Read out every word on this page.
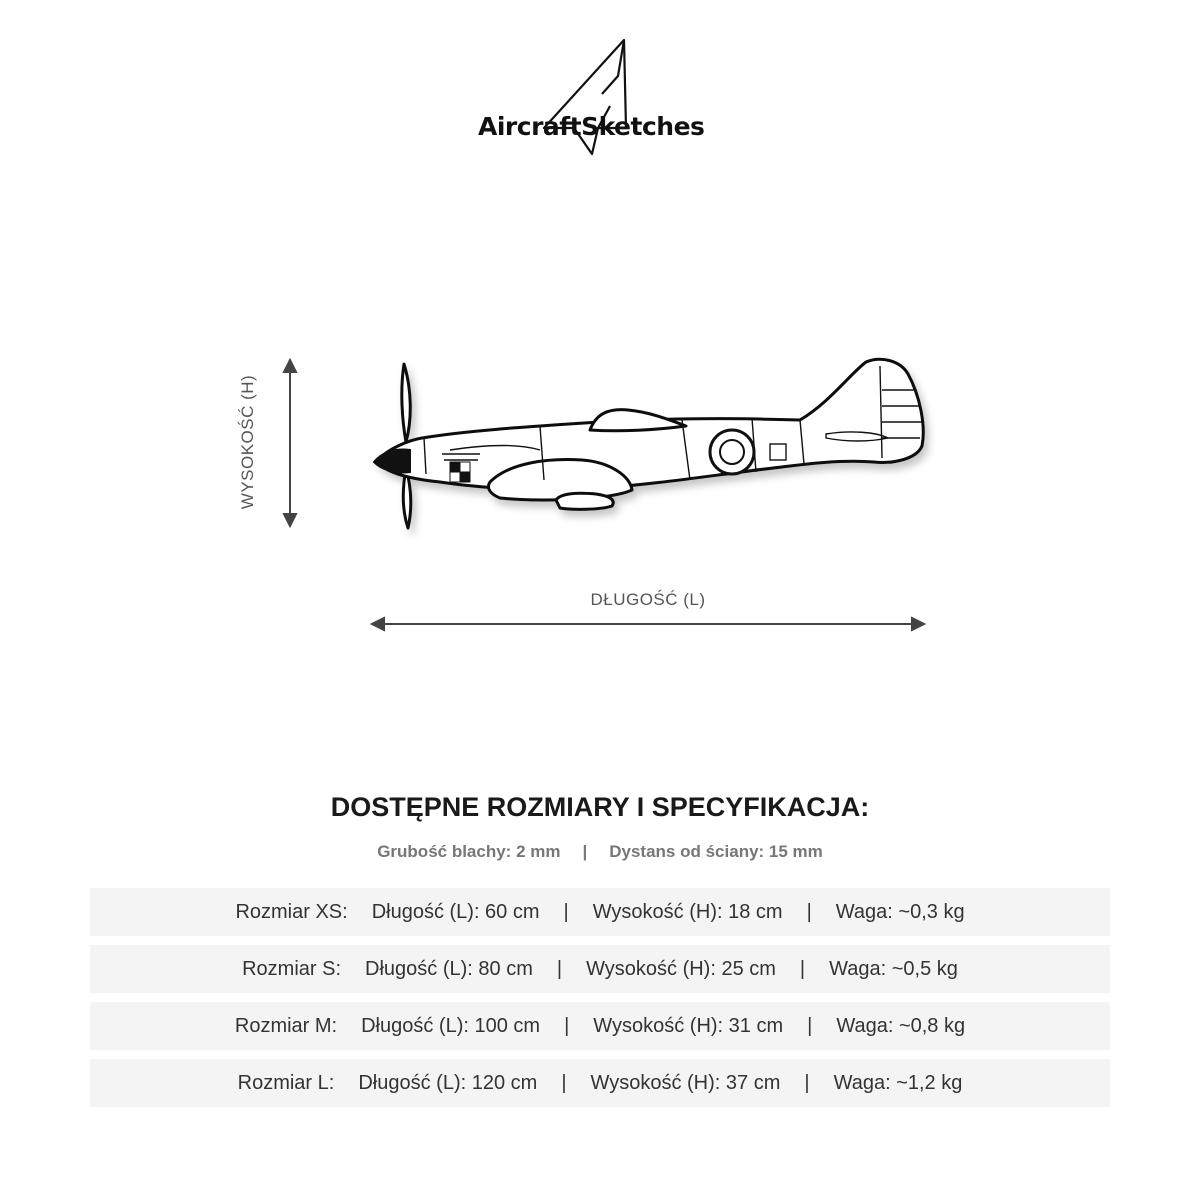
AircraftSketches
WYSOKOŚĆ (H)
DŁUGOŚĆ (L)
DOSTĘPNE ROZMIARY I SPECYFIKACJA:
Grubość blachy: 2 mm | Dystans od ściany: 15 mm
Rozmiar XS: Długość (L): 60 cm | Wysokość (H): 18 cm | Waga: ~0,3 kg
Rozmiar S: Długość (L): 80 cm | Wysokość (H): 25 cm | Waga: ~0,5 kg
Rozmiar M: Długość (L): 100 cm | Wysokość (H): 31 cm | Waga: ~0,8 kg
Rozmiar L: Długość (L): 120 cm | Wysokość (H): 37 cm | Waga: ~1,2 kg
